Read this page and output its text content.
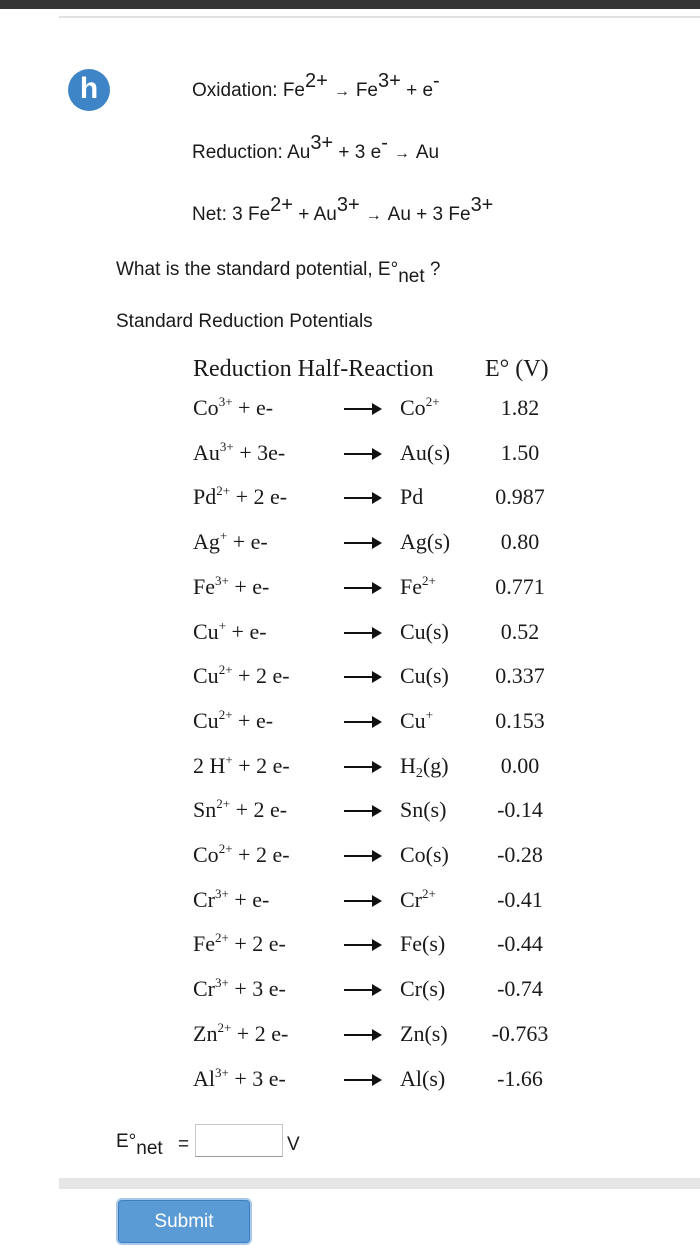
h	Oxidation: $Fe^{2+} \to Fe^{3+} + e^-$
Reduction: $Au^{3+} + 3$ e- → Au
Net: 3 $Fe^{2+} + Au^{3+} \to Au + 3$ $Fe^{3+}$
What is the standard potential, $E^\circ_{net}$ ?
Standard Reduction Potentials
Reduction Half-Reaction E° (V)
$Co^{3+} + e-$	$Co^{2+}$	1.82
$Au^{3+} + 3e-$	Au(s)	1.50
$Pd^{2+} + 2$ e-	Pd	0.987
Ag+ + e-	Ag(s)	0.80
$Fe^{3+} + e-$	$Fe^{2+}$	0.771
Cu+ + e-	Cu(s)	0.52
$Cu^{2+} + 2$ e-	Cu(s)	0.337
$Cu^{2+} + e-$	Cu+	0.153
2 H+ + 2 e-	$H_2(g)$	0.00
$Sn^{2+} + 2$ e-	Sn(s)	-0.14
$Co^{2+} + 2$ e-	Co(s)	-0.28
$Cr^{3+} + e-$	$Cr^{2+}$	-0.41
$Fe^{2+} + 2$ e-	Fe(s)	-0.44
$Cr^{3+} + 3$ e-	Cr(s)	-0.74
$Zn^{2+} + 2$ e-	Zn(s) -0.763
$Al^{3+} + 3$ e-	Al(s)	-1.66
$E^\circ_{net}$ =	V
Submit
